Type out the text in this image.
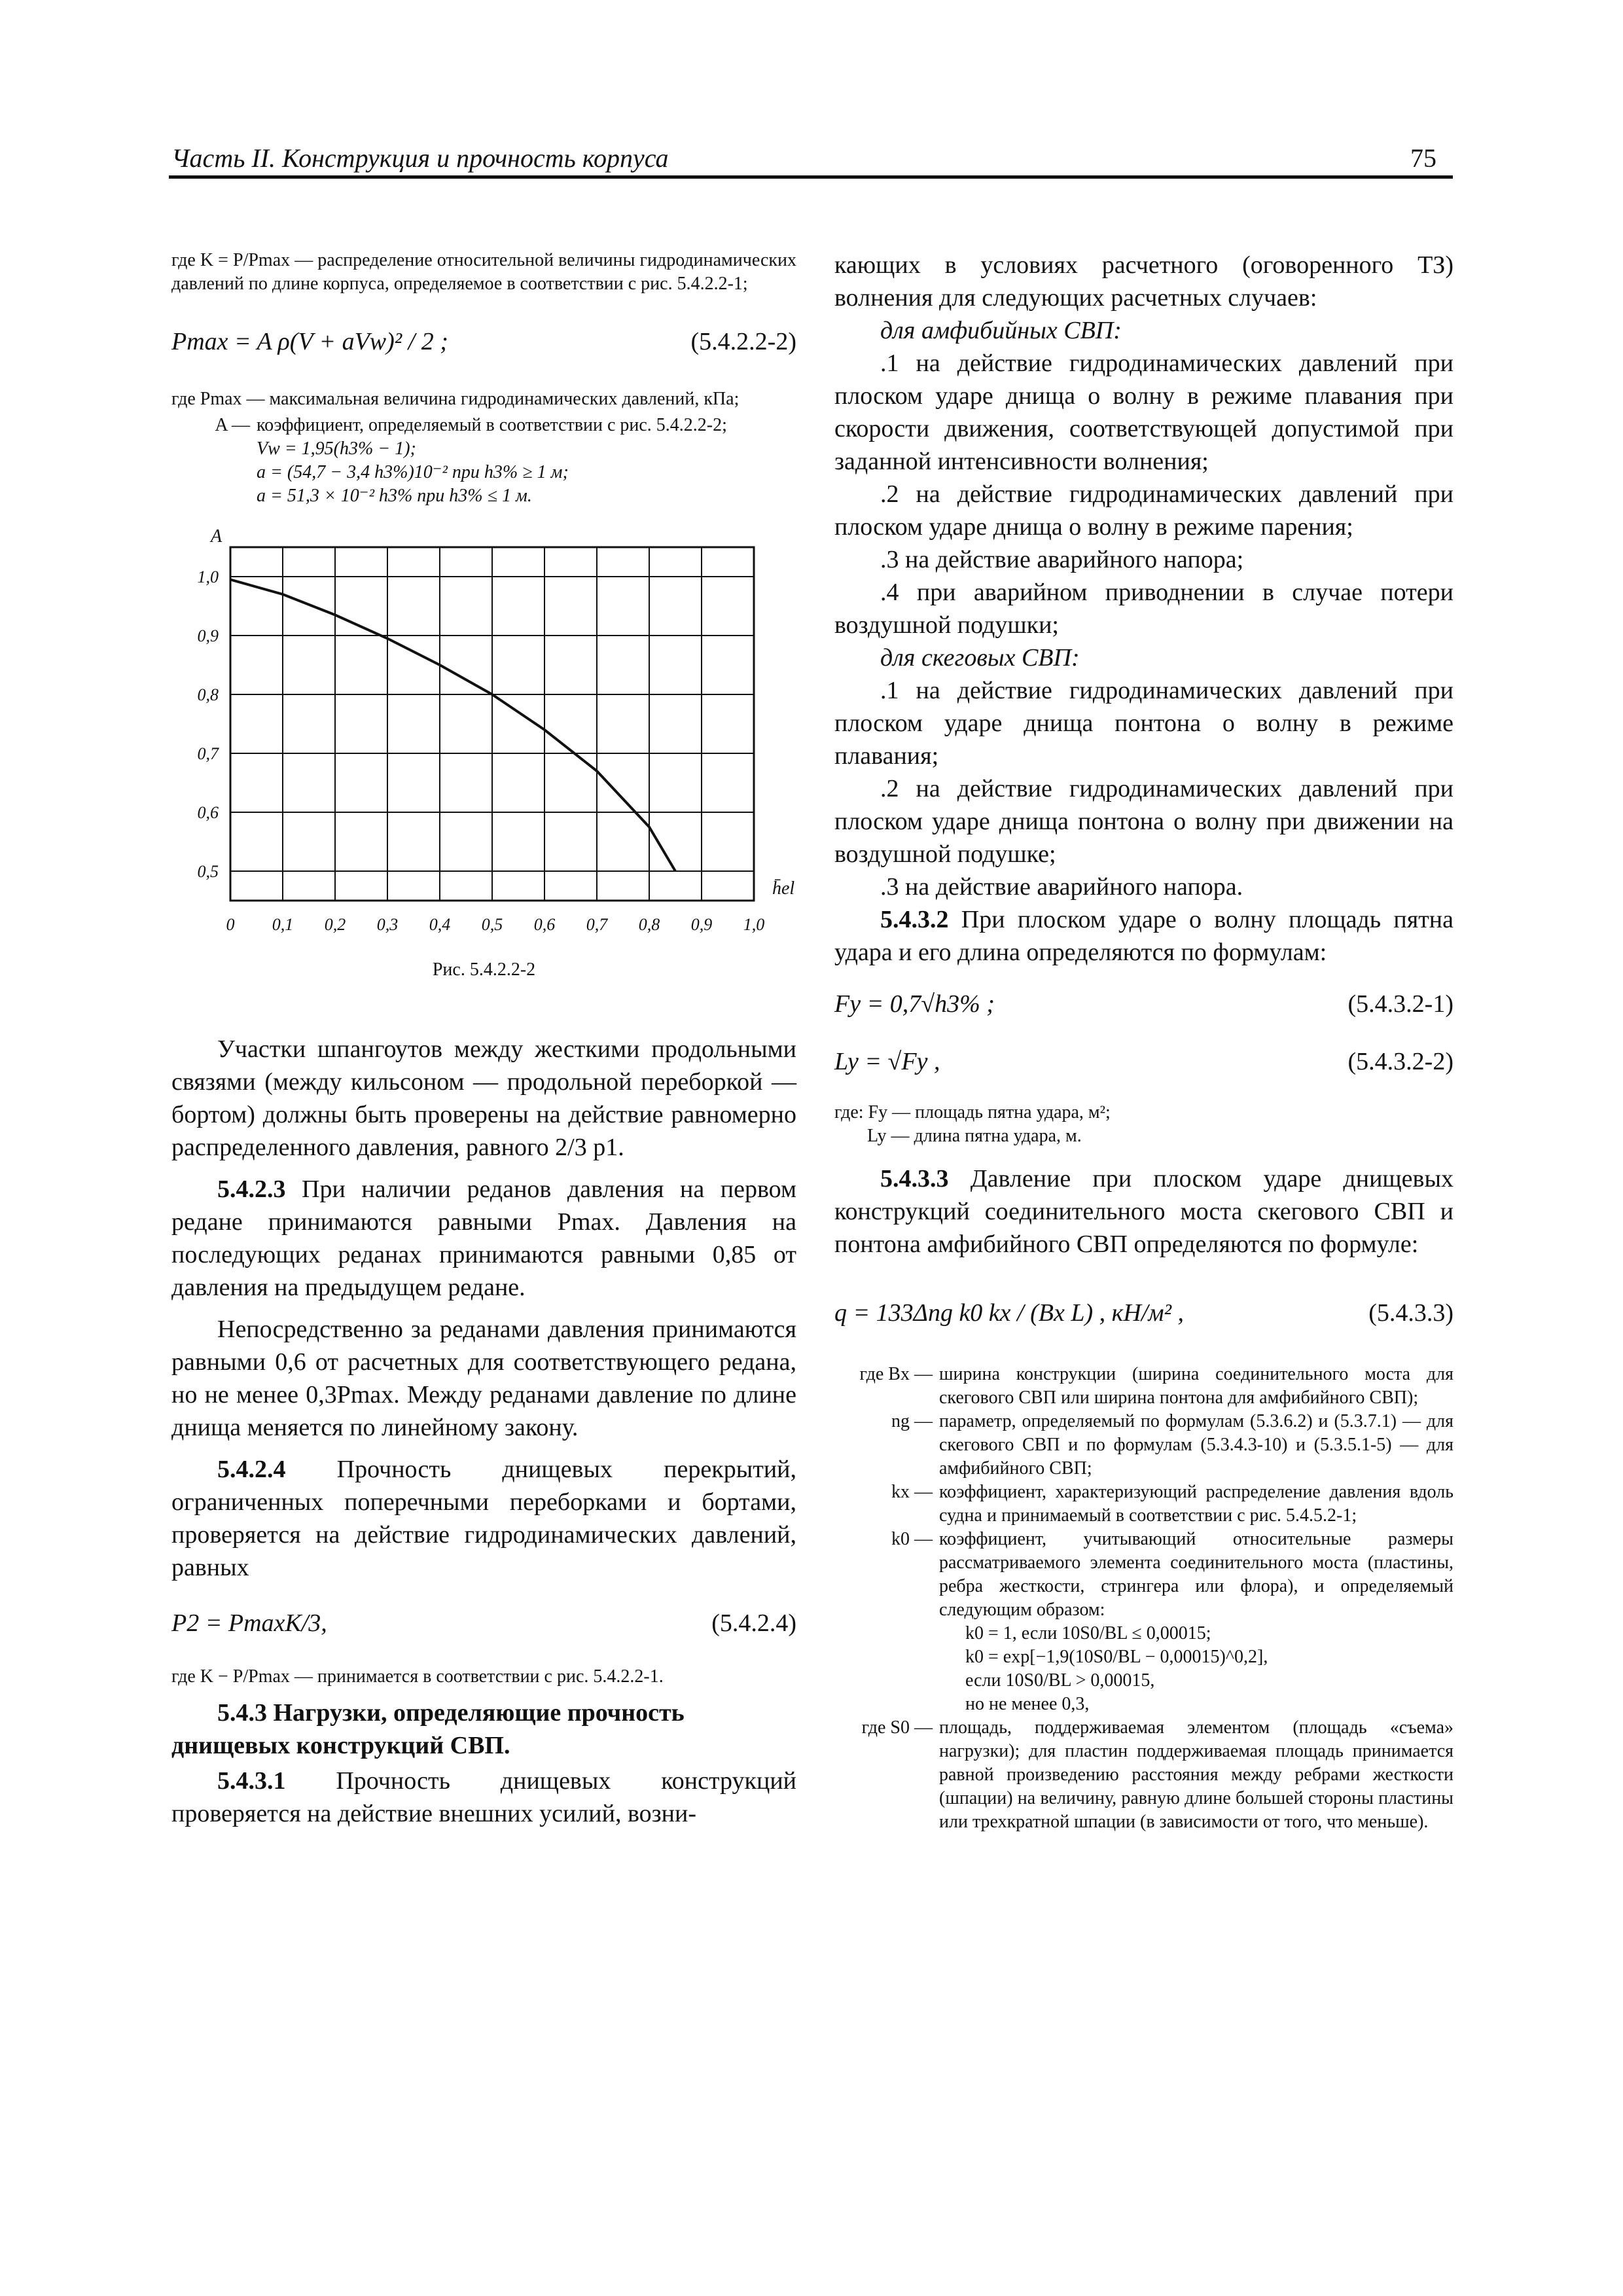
Часть II. Конструкция и прочность корпуса	75
где K = P/Pmax — распределение относительной величины гидродинамических давлений по длине корпуса, определяемое в соответствии с рис. 5.4.2.2-1;
Pmax = A ρ(V + aVw)² / 2 ;	(5.4.2.2-2)
где Pmax — максимальная величина гидродинамических давлений, кПа;
A — коэффициент, определяемый в соответствии с рис. 5.4.2.2-2;
Vw = 1,95(h3% − 1);
a = (54,7 − 3,4 h3%)10⁻² при h3% ≥ 1 м;
a = 51,3 × 10⁻² h3% при h3% ≤ 1 м.
0 0,1 0,2 0,3 0,4 0,5 0,6 0,7 0,8 0,9 1,0
0,5
0,6
0,7
0,8
0,9
1,0
A
h̄el
Рис. 5.4.2.2-2

Участки шпангоутов между жесткими продольными связями (между кильсоном — продольной переборкой — бортом) должны быть проверены на действие равномерно распределенного давления, равного 2/3 p1.

5.4.2.3 При наличии реданов давления на первом редане принимаются равными Pmax. Давления на последующих реданах принимаются равными 0,85 от давления на предыдущем редане.

Непосредственно за реданами давления принимаются равными 0,6 от расчетных для соответствующего редана, но не менее 0,3Pmax. Между реданами давление по длине днища меняется по линейному закону.

5.4.2.4 Прочность днищевых перекрытий, ограниченных поперечными переборками и бортами, проверяется на действие гидродинамических давлений, равных

P2 = PmaxK/3,	(5.4.2.4)
где K − P/Pmax — принимается в соответствии с рис. 5.4.2.2-1.
5.4.3 Нагрузки, определяющие прочность днищевых конструкций СВП.

5.4.3.1 Прочность днищевых конструкций проверяется на действие внешних усилий, возни-

кающих в условиях расчетного (оговоренного ТЗ) волнения для следующих расчетных случаев:

для амфибийных СВП:

.1 на действие гидродинамических давлений при плоском ударе днища о волну в режиме плавания при скорости движения, соответствующей допустимой при заданной интенсивности волнения;

.2 на действие гидродинамических давлений при плоском ударе днища о волну в режиме парения;

.3 на действие аварийного напора;

.4 при аварийном приводнении в случае потери воздушной подушки;

для скеговых СВП:

.1 на действие гидродинамических давлений при плоском ударе днища понтона о волну в режиме плавания;

.2 на действие гидродинамических давлений при плоском ударе днища понтона о волну при движении на воздушной подушке;

.3 на действие аварийного напора.

5.4.3.2 При плоском ударе о волну площадь пятна удара и его длина определяются по формулам:

Fy = 0,7√h3% ;	(5.4.3.2-1)
Ly = √Fy ,	(5.4.3.2-2)
где: Fy — площадь пятна удара, м²;
Ly — длина пятна удара, м.

5.4.3.3 Давление при плоском ударе днищевых конструкций соединительного моста скегового СВП и понтона амфибийного СВП определяются по формуле:

q = 133Δng k0 kx / (Bx L) , кН/м² ,	(5.4.3.3)
где Bx — ширина конструкции (ширина соединительного моста для скегового СВП или ширина понтона для амфибийного СВП);
ng — параметр, определяемый по формулам (5.3.6.2) и (5.3.7.1) — для скегового СВП и по формулам (5.3.4.3-10) и (5.3.5.1-5) — для амфибийного СВП;
kx — коэффициент, характеризующий распределение давления вдоль судна и принимаемый в соответствии с рис. 5.4.5.2-1;
k0 — коэффициент, учитывающий относительные размеры рассматриваемого элемента соединительного моста (пластины, ребра жесткости, стрингера или флора), и определяемый следующим образом:
k0 = 1, если 10S0/BL ≤ 0,00015;
k0 = exp[−1,9(10S0/BL − 0,00015)^0,2],
если 10S0/BL > 0,00015,
но не менее 0,3,
где S0 — площадь, поддерживаемая элементом (площадь «съема» нагрузки); для пластин поддерживаемая площадь принимается равной произведению расстояния между ребрами жесткости (шпации) на величину, равную длине большей стороны пластины или трехкратной шпации (в зависимости от того, что меньше).
